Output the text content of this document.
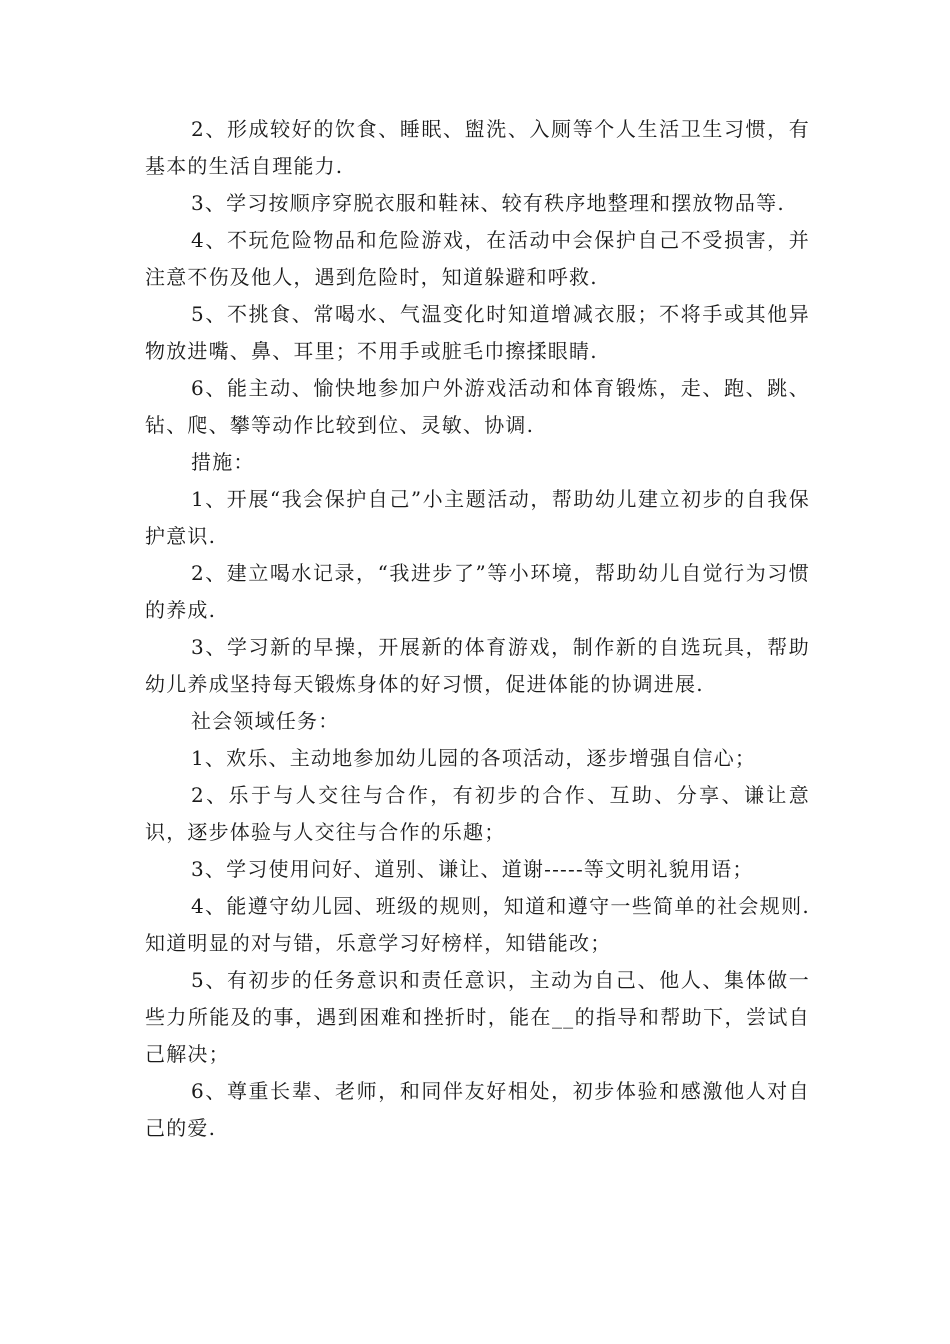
2、形成较好的饮食、睡眠、盥洗、入厕等个人生活卫生习惯，有基本的生活自理能力.

3、学习按顺序穿脱衣服和鞋袜、较有秩序地整理和摆放物品等.

4、不玩危险物品和危险游戏，在活动中会保护自己不受损害，并注意不伤及他人，遇到危险时，知道躲避和呼救.

5、不挑食、常喝水、气温变化时知道增减衣服；不将手或其他异物放进嘴、鼻、耳里；不用手或脏毛巾擦揉眼睛.

6、能主动、愉快地参加户外游戏活动和体育锻炼，走、跑、跳、钻、爬、攀等动作比较到位、灵敏、协调.

措施：

1、开展“我会保护自己”小主题活动，帮助幼儿建立初步的自我保护意识.

2、建立喝水记录，“我进步了”等小环境，帮助幼儿自觉行为习惯的养成.

3、学习新的早操，开展新的体育游戏，制作新的自选玩具，帮助幼儿养成坚持每天锻炼身体的好习惯，促进体能的协调进展.

社会领域任务：

1、欢乐、主动地参加幼儿园的各项活动，逐步增强自信心；

2、乐于与人交往与合作，有初步的合作、互助、分享、谦让意识，逐步体验与人交往与合作的乐趣；

3、学习使用问好、道别、谦让、道谢-----等文明礼貌用语；

4、能遵守幼儿园、班级的规则，知道和遵守一些简单的社会规则.知道明显的对与错，乐意学习好榜样，知错能改；

5、有初步的任务意识和责任意识，主动为自己、他人、集体做一些力所能及的事，遇到困难和挫折时，能在__的指导和帮助下，尝试自己解决；

6、尊重长辈、老师，和同伴友好相处，初步体验和感激他人对自己的爱.
